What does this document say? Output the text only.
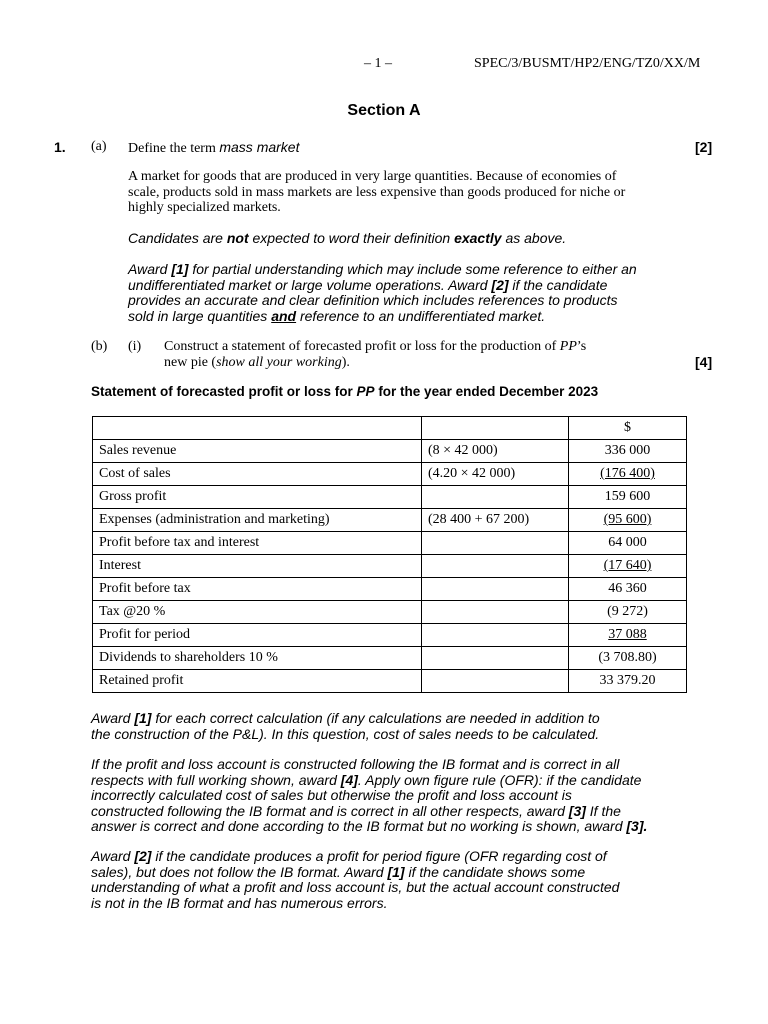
– 1 –	SPEC/3/BUSMT/HP2/ENG/TZ0/XX/M
Section A
1. (a) Define the term mass market	[2]

A market for goods that are produced in very large quantities. Because of economies of

scale, products sold in mass markets are less expensive than goods produced for niche or

highly specialized markets.

Candidates are not expected to word their definition exactly as above.

Award [1] for partial understanding which may include some reference to either an

undifferentiated market or large volume operations. Award [2] if the candidate

provides an accurate and clear definition which includes references to products

sold in large quantities and reference to an undifferentiated market.

(b) (i) Construct a statement of forecasted profit or loss for the production of PP’s
new pie (show all your working).	[4]
Statement of forecasted profit or loss for PP for the year ended December 2023
		$
Sales revenue	(8 × 42 000)	336 000
Cost of sales	(4.20 × 42 000)	(176 400)
Gross profit		159 600
Expenses (administration and marketing)	(28 400 + 67 200)	(95 600)
Profit before tax and interest		64 000
Interest		(17 640)
Profit before tax		46 360
Tax @20 %		(9 272)
Profit for period		37 088
Dividends to shareholders 10 %		(3 708.80)
Retained profit		33 379.20

Award [1] for each correct calculation (if any calculations are needed in addition to

the construction of the P&L). In this question, cost of sales needs to be calculated.

If the profit and loss account is constructed following the IB format and is correct in all

respects with full working shown, award [4]. Apply own figure rule (OFR): if the candidate

incorrectly calculated cost of sales but otherwise the profit and loss account is

constructed following the IB format and is correct in all other respects, award [3] If the

answer is correct and done according to the IB format but no working is shown, award [3].

Award [2] if the candidate produces a profit for period figure (OFR regarding cost of

sales), but does not follow the IB format. Award [1] if the candidate shows some

understanding of what a profit and loss account is, but the actual account constructed

is not in the IB format and has numerous errors.
